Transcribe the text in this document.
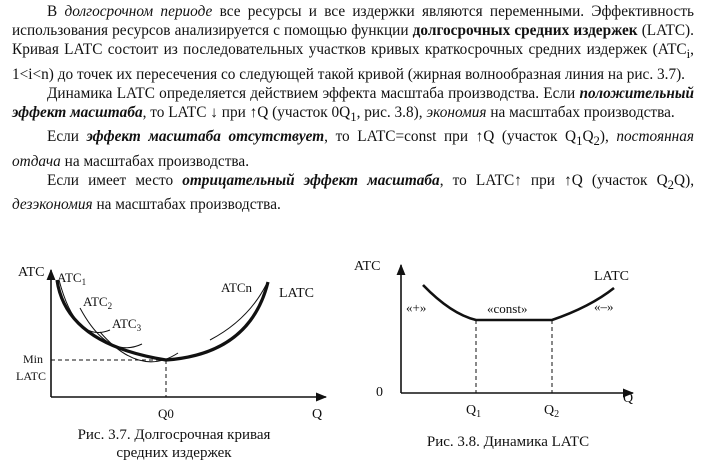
В долгосрочном периоде все ресурсы и все издержки являются переменными. Эффективность использования ресурсов анализируется с помощью функции долгосрочных средних издержек (LATC). Кривая LATC состоит из последовательных участков кривых краткосрочных средних издержек ($ATC_i$, 1<i<n) до точек их пересечения со следующей такой кривой (жирная волнообразная линия на рис. 3.7).

Динамика LATC определяется действием эффекта масштаба производства. Если положительный эффект масштаба, то LATC ↓ при ↑Q (участок $0Q_1$, рис. 3.8), экономия на масштабах производства.

Если эффект масштаба отсутствует, то LATC=const при ↑Q (участок $Q_1Q_2$), постоянная отдача на масштабах производства.

Если имеет место отрицательный эффект масштаба, то LATC↑ при ↑Q (участок $Q_2Q$), дезэкономия на масштабах производства.

ATC
Q
$ATC_1$
$ATC_2$
$ATC_3$
ATCn LATC
Min
LATC
Q0
ATC
Q
0
LATC
«+»	«const»	«–»
$Q_1$	$Q_2$
Рис. 3.7. Долгосрочная кривая
средних издержек
Рис. 3.8. Динамика LATC
